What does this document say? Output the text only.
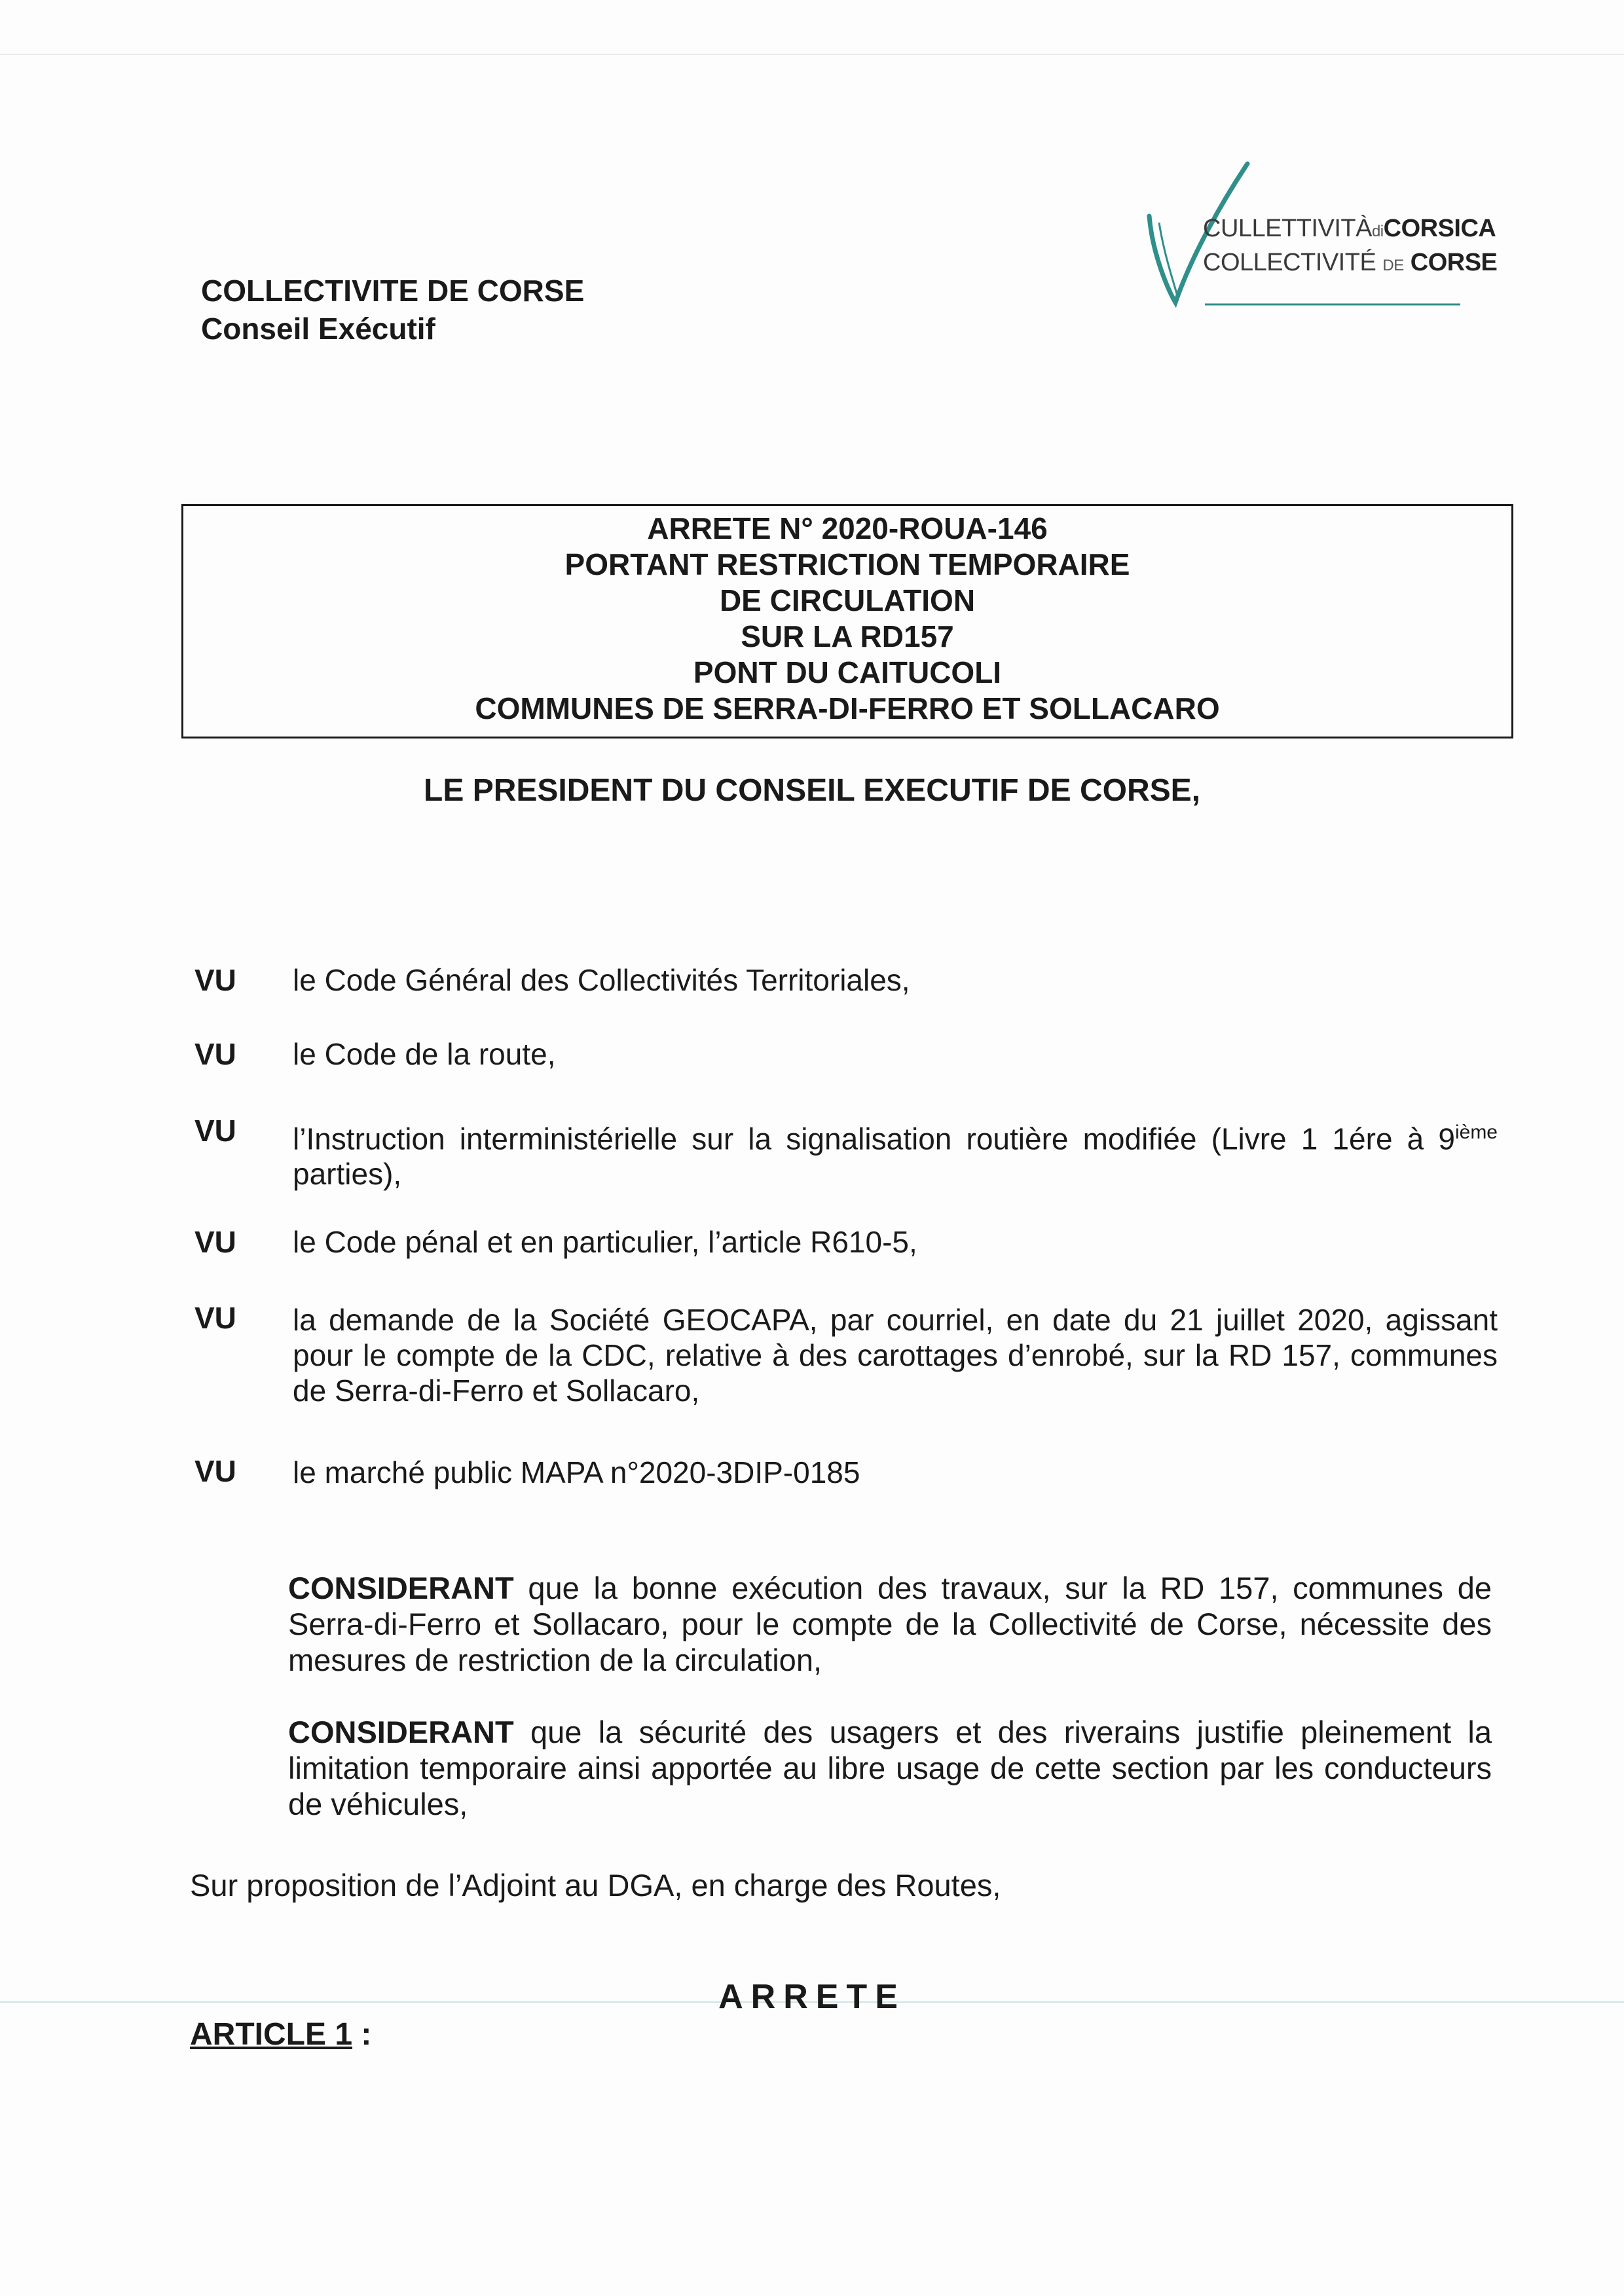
COLLECTIVITE DE CORSE
Conseil Exécutif
CULLETTIVITÀdiCORSICA
COLLECTIVITÉ DE CORSE
ARRETE N° 2020-ROUA-146
PORTANT RESTRICTION TEMPORAIRE
DE CIRCULATION
SUR LA RD157
PONT DU CAITUCOLI
COMMUNES DE SERRA-DI-FERRO ET SOLLACARO
LE PRESIDENT DU CONSEIL EXECUTIF DE CORSE,
VU le Code Général des Collectivités Territoriales,
VU le Code de la route,
VU l’Instruction interministérielle sur la signalisation routière modifiée (Livre 1 1ére à 9ième parties),
VU le Code pénal et en particulier, l’article R610-5,
VU la demande de la Société GEOCAPA, par courriel, en date du 21 juillet 2020, agissant pour le compte de la CDC, relative à des carottages d’enrobé, sur la RD 157, communes de Serra-di-Ferro et Sollacaro,
VU le marché public MAPA n°2020-3DIP-0185
CONSIDERANT que la bonne exécution des travaux, sur la RD 157, communes de Serra-di-Ferro et Sollacaro, pour le compte de la Collectivité de Corse, nécessite des mesures de restriction de la circulation,
CONSIDERANT que la sécurité des usagers et des riverains justifie pleinement la limitation temporaire ainsi apportée au libre usage de cette section par les conducteurs de véhicules,
Sur proposition de l’Adjoint au DGA, en charge des Routes,
ARRETE
ARTICLE 1 :
